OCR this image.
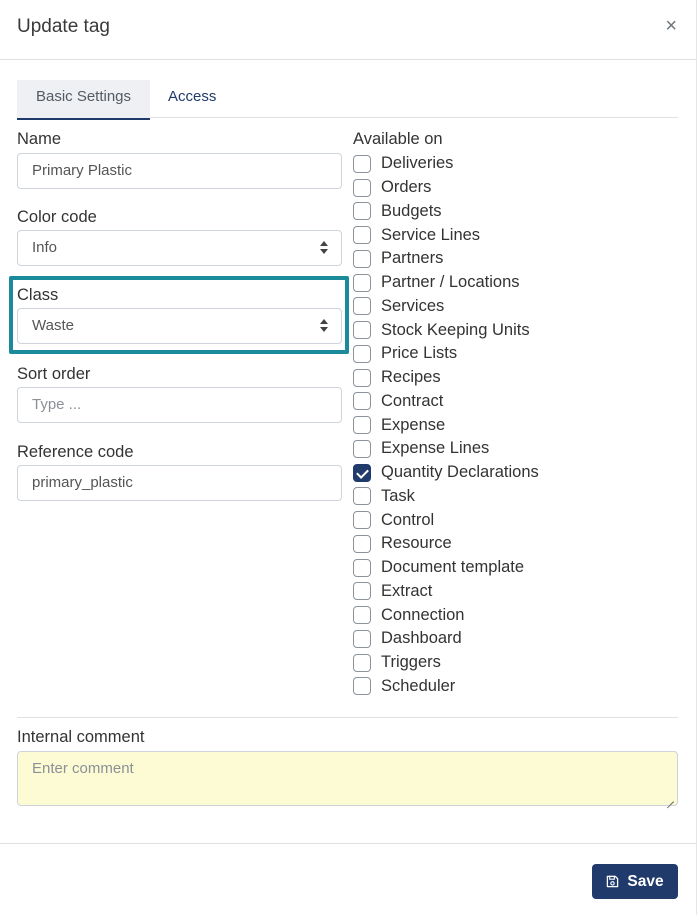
Update tag	×
Basic Settings	Access
Name
Primary Plastic
Color code
Info
Class
Waste
Sort order
Type ...
Reference code
primary_plastic
Available on
Deliveries
Orders
Budgets
Service Lines
Partners
Partner / Locations
Services
Stock Keeping Units
Price Lists
Recipes
Contract
Expense
Expense Lines
Quantity Declarations
Task
Control
Resource
Document template
Extract
Connection
Dashboard
Triggers
Scheduler
Internal comment
Enter comment
Save
